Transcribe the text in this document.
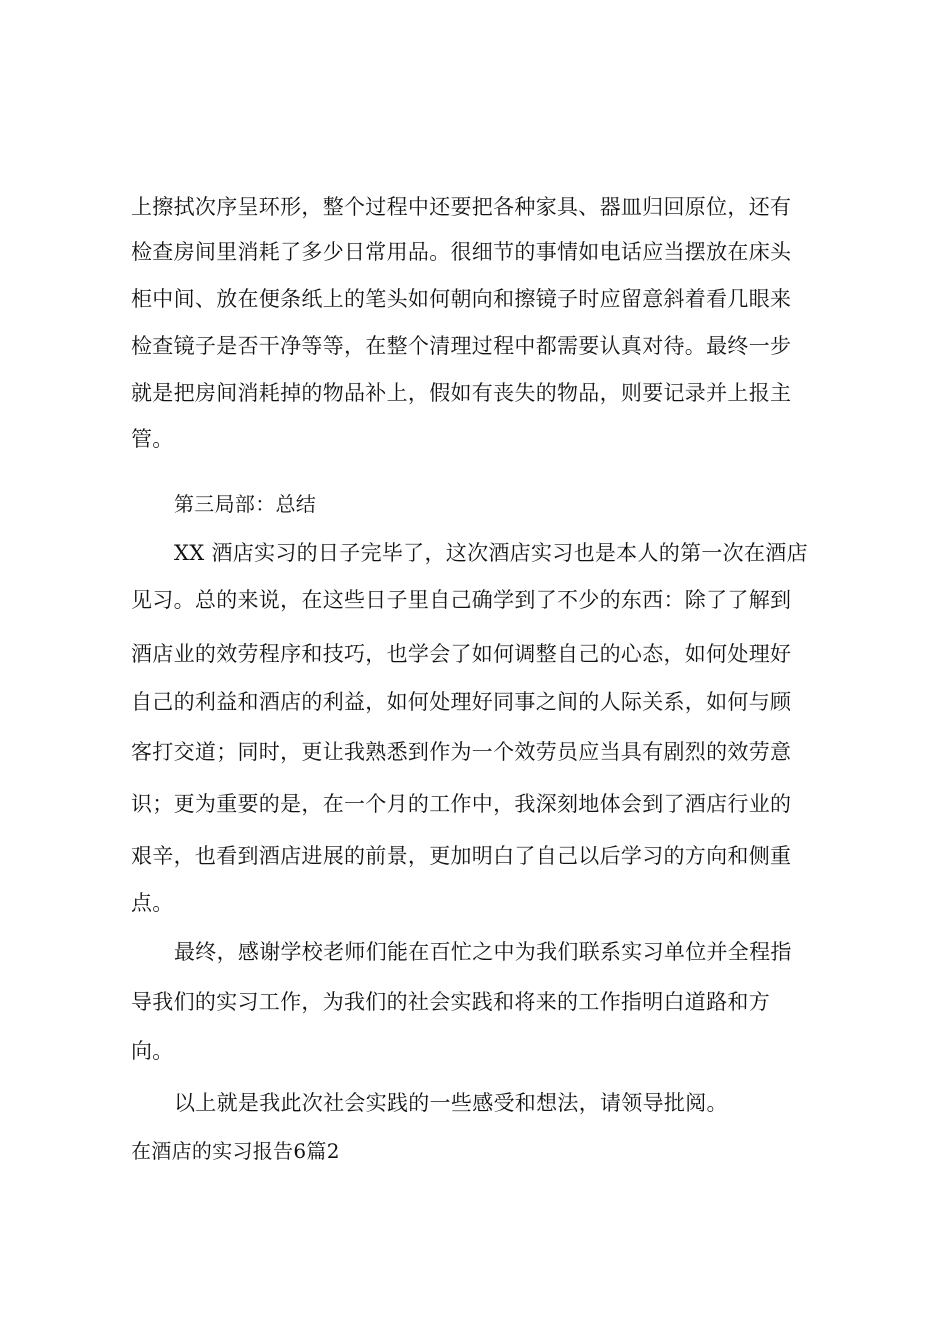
上擦拭次序呈环形，整个过程中还要把各种家具、器皿归回原位，还有
检查房间里消耗了多少日常用品。很细节的事情如电话应当摆放在床头
柜中间、放在便条纸上的笔头如何朝向和擦镜子时应留意斜着看几眼来
检查镜子是否干净等等，在整个清理过程中都需要认真对待。最终一步
就是把房间消耗掉的物品补上，假如有丧失的物品，则要记录并上报主
管。
第三局部：总结
XX 酒店实习的日子完毕了，这次酒店实习也是本人的第一次在酒店
见习。总的来说，在这些日子里自己确学到了不少的东西：除了了解到
酒店业的效劳程序和技巧，也学会了如何调整自己的心态，如何处理好
自己的利益和酒店的利益，如何处理好同事之间的人际关系，如何与顾
客打交道；同时，更让我熟悉到作为一个效劳员应当具有剧烈的效劳意
识；更为重要的是，在一个月的工作中，我深刻地体会到了酒店行业的
艰辛，也看到酒店进展的前景，更加明白了自己以后学习的方向和侧重
点。
最终，感谢学校老师们能在百忙之中为我们联系实习单位并全程指
导我们的实习工作，为我们的社会实践和将来的工作指明白道路和方
向。
以上就是我此次社会实践的一些感受和想法，请领导批阅。
在酒店的实习报告6篇2
